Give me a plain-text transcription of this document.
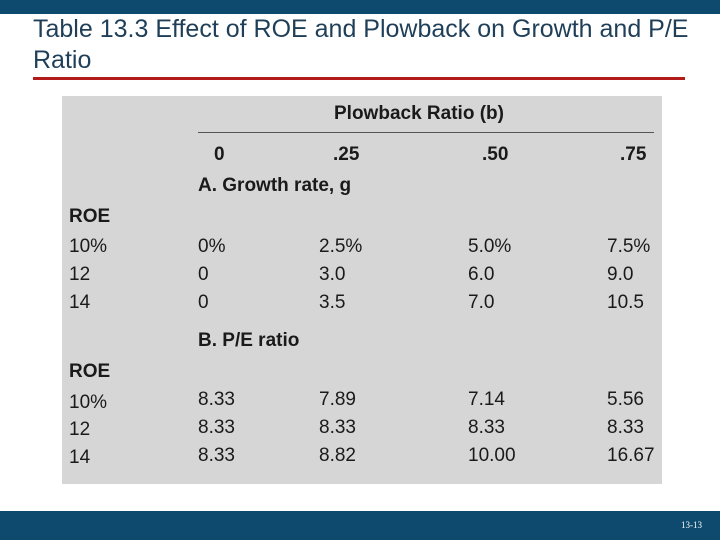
Table 13.3 Effect of ROE and Plowback on Growth and P/E Ratio
Plowback Ratio (b)
0	.25	.50	.75
A. Growth rate, g
ROE
10%	0%	2.5%	5.0%	7.5%
12	0	3.0	6.0	9.0
14	0	3.5	7.0	10.5
B. P/E ratio
ROE
10%	8.33	7.89	7.14	5.56
12	8.33	8.33	8.33	8.33
14	8.33	8.82	10.00	16.67
13-13
